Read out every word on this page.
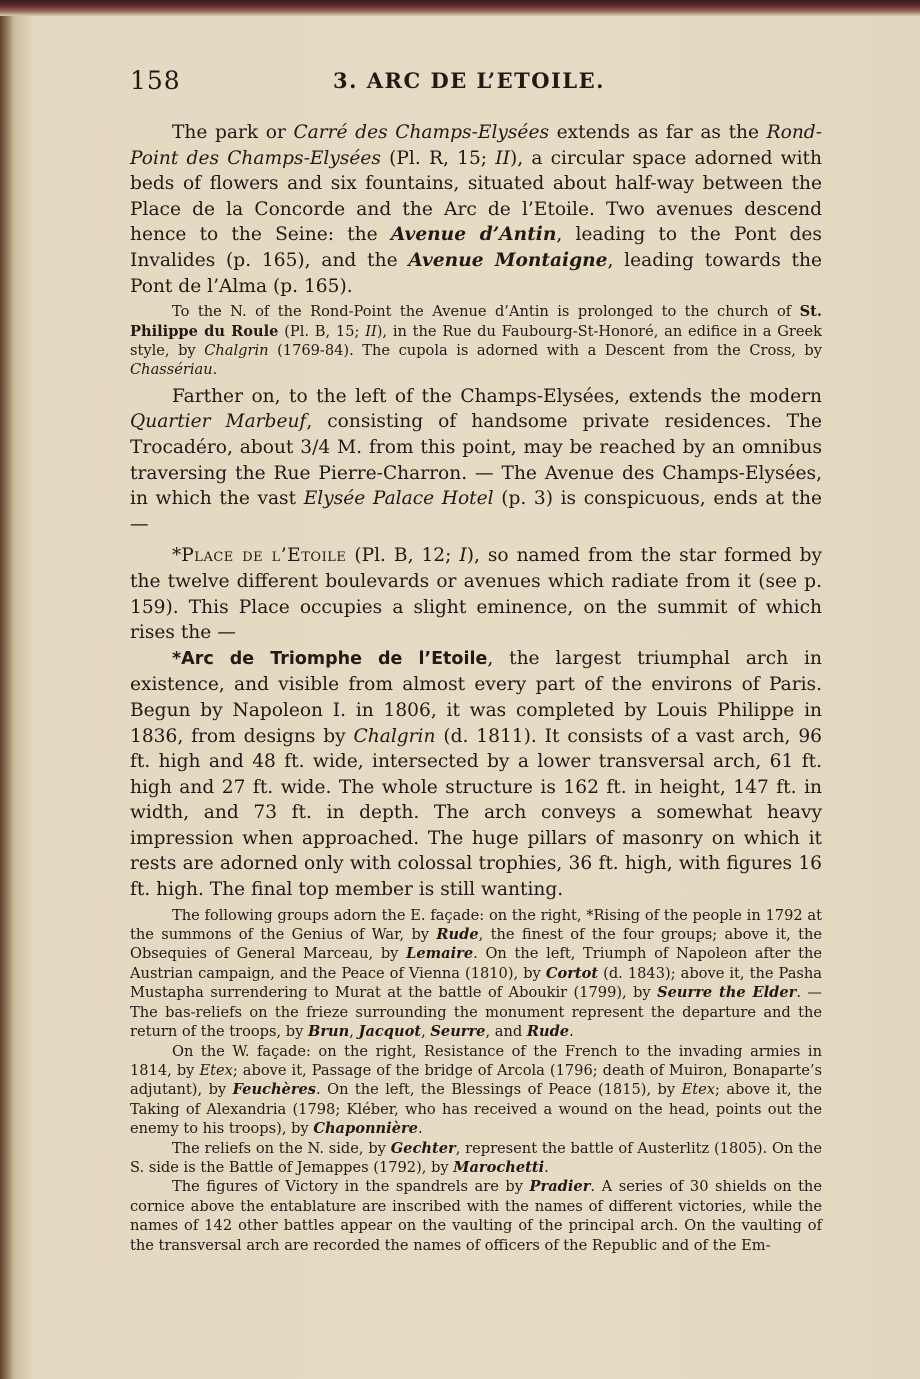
158	3. ARC DE L’ETOILE.

The park or Carré des Champs-Elysées extends as far as the Rond-Point des Champs-Elysées (Pl. R, 15; II), a circular space adorned with beds of flowers and six fountains, situated about half-way between the Place de la Concorde and the Arc de l’Etoile. Two avenues descend hence to the Seine: the Avenue d’Antin, leading to the Pont des Invalides (p. 165), and the Avenue Montaigne, leading towards the Pont de l’Alma (p. 165).

To the N. of the Rond-Point the Avenue d’Antin is prolonged to the church of St. Philippe du Roule (Pl. B, 15; II), in the Rue du Faubourg-St-Honoré, an edifice in a Greek style, by Chalgrin (1769-84). The cupola is adorned with a Descent from the Cross, by Chassériau.

Farther on, to the left of the Champs-Elysées, extends the modern Quartier Marbeuf, consisting of handsome private residences. The Trocadéro, about 3/4 M. from this point, may be reached by an omnibus traversing the Rue Pierre-Charron. — The Avenue des Champs-Elysées, in which the vast Elysée Palace Hotel (p. 3) is conspicuous, ends at the —

*Place de l’Etoile (Pl. B, 12; I), so named from the star formed by the twelve different boulevards or avenues which radiate from it (see p. 159). This Place occupies a slight eminence, on the summit of which rises the —

*Arc de Triomphe de l’Etoile, the largest triumphal arch in existence, and visible from almost every part of the environs of Paris. Begun by Napoleon I. in 1806, it was completed by Louis Philippe in 1836, from designs by Chalgrin (d. 1811). It consists of a vast arch, 96 ft. high and 48 ft. wide, intersected by a lower transversal arch, 61 ft. high and 27 ft. wide. The whole structure is 162 ft. in height, 147 ft. in width, and 73 ft. in depth. The arch conveys a somewhat heavy impression when approached. The huge pillars of masonry on which it rests are adorned only with colossal trophies, 36 ft. high, with figures 16 ft. high. The final top member is still wanting.

The following groups adorn the E. façade: on the right, *Rising of the people in 1792 at the summons of the Genius of War, by Rude, the finest of the four groups; above it, the Obsequies of General Marceau, by Lemaire. On the left, Triumph of Napoleon after the Austrian campaign, and the Peace of Vienna (1810), by Cortot (d. 1843); above it, the Pasha Mustapha surrendering to Murat at the battle of Aboukir (1799), by Seurre the Elder. — The bas-reliefs on the frieze surrounding the monument represent the departure and the return of the troops, by Brun, Jacquot, Seurre, and Rude.

On the W. façade: on the right, Resistance of the French to the invading armies in 1814, by Etex; above it, Passage of the bridge of Arcola (1796; death of Muiron, Bonaparte’s adjutant), by Feuchères. On the left, the Blessings of Peace (1815), by Etex; above it, the Taking of Alexandria (1798; Kléber, who has received a wound on the head, points out the enemy to his troops), by Chaponnière.

The reliefs on the N. side, by Gechter, represent the battle of Austerlitz (1805). On the S. side is the Battle of Jemappes (1792), by Marochetti.

The figures of Victory in the spandrels are by Pradier. A series of 30 shields on the cornice above the entablature are inscribed with the names of different victories, while the names of 142 other battles appear on the vaulting of the principal arch. On the vaulting of the transversal arch are recorded the names of officers of the Republic and of the Em-
